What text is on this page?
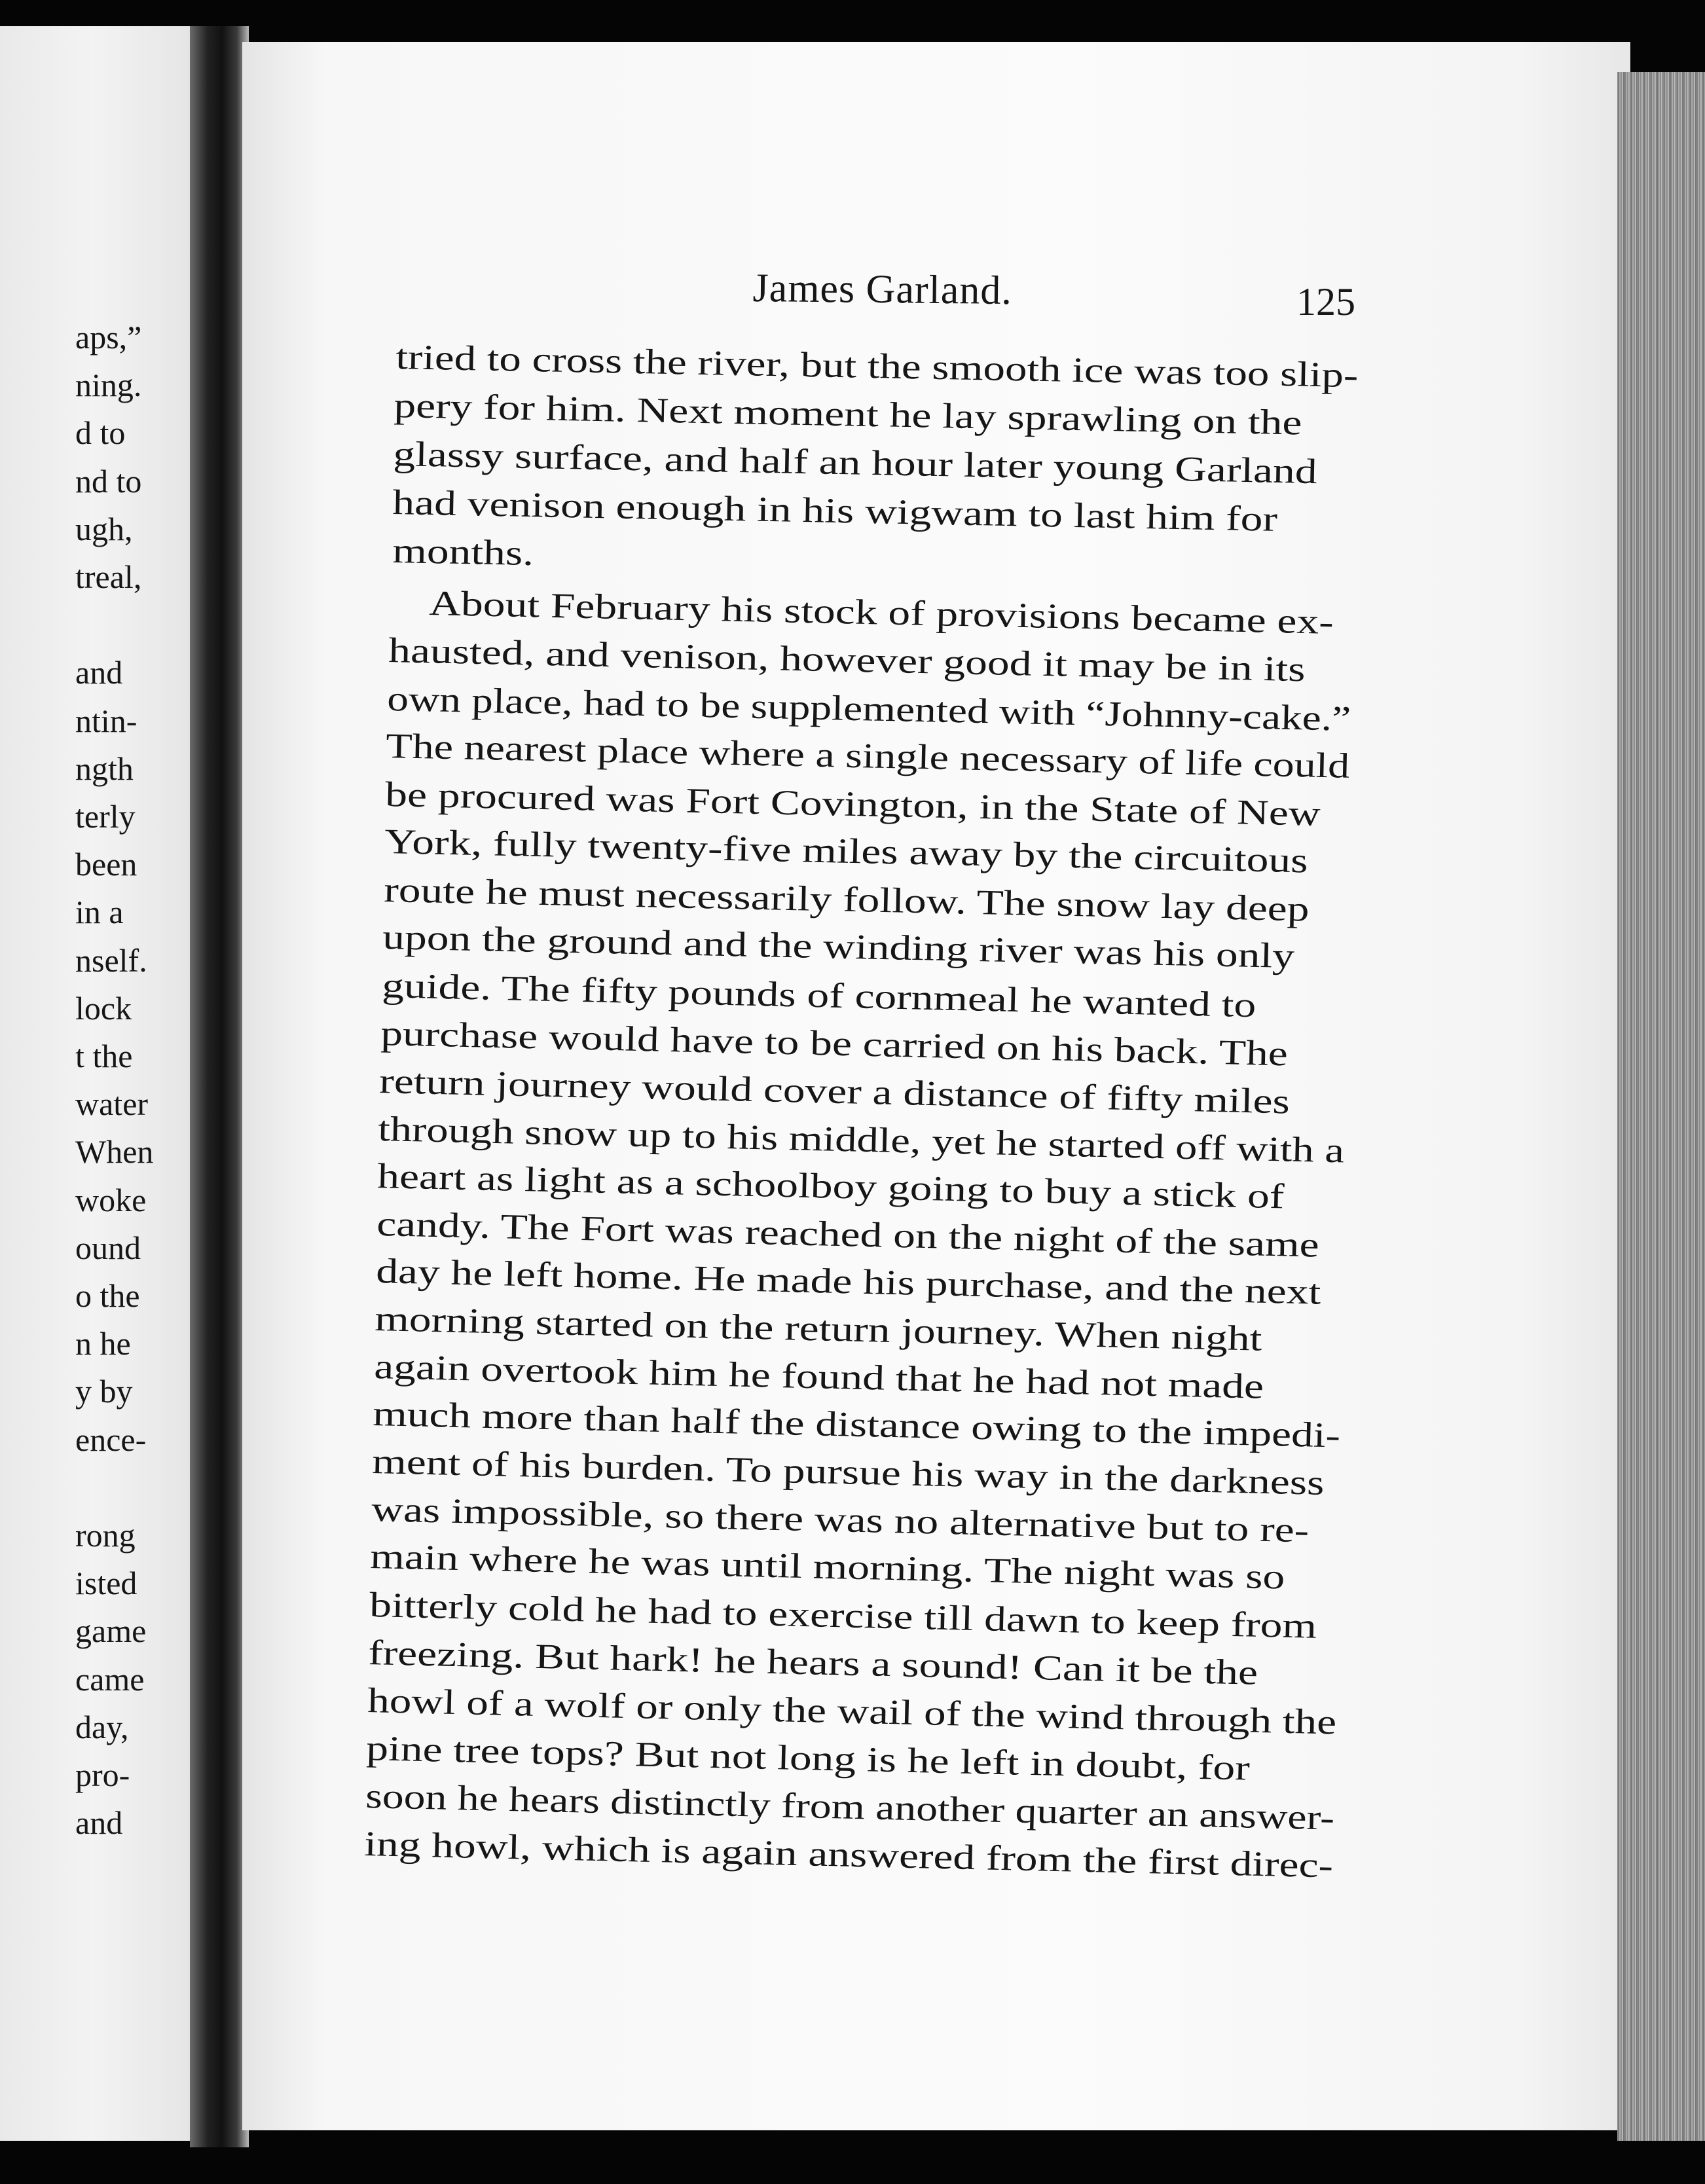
aps,”
ning.
d to
nd to
ugh,
treal,
and
ntin-
ngth
terly
been
in a
nself.
lock
t the
water
When
woke
ound
o the
n he
y by
ence-
rong
isted
game
came
day,
pro-
and
James Garland.	125
tried to cross the river, but the smooth ice was too slip-
pery for him. Next moment he lay sprawling on the
glassy surface, and half an hour later young Garland
had venison enough in his wigwam to last him for
months.
About February his stock of provisions became ex-
hausted, and venison, however good it may be in its
own place, had to be supplemented with “Johnny-cake.”
The nearest place where a single necessary of life could
be procured was Fort Covington, in the State of New
York, fully twenty-five miles away by the circuitous
route he must necessarily follow. The snow lay deep
upon the ground and the winding river was his only
guide. The fifty pounds of cornmeal he wanted to
purchase would have to be carried on his back. The
return journey would cover a distance of fifty miles
through snow up to his middle, yet he started off with a
heart as light as a schoolboy going to buy a stick of
candy. The Fort was reached on the night of the same
day he left home. He made his purchase, and the next
morning started on the return journey. When night
again overtook him he found that he had not made
much more than half the distance owing to the impedi-
ment of his burden. To pursue his way in the darkness
was impossible, so there was no alternative but to re-
main where he was until morning. The night was so
bitterly cold he had to exercise till dawn to keep from
freezing. But hark! he hears a sound! Can it be the
howl of a wolf or only the wail of the wind through the
pine tree tops? But not long is he left in doubt, for
soon he hears distinctly from another quarter an answer-
ing howl, which is again answered from the first direc-
